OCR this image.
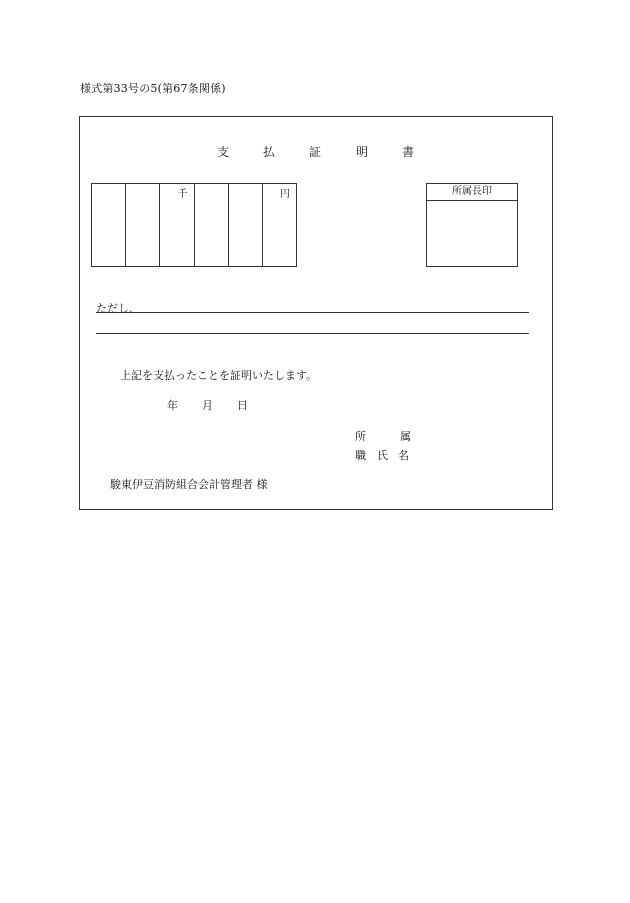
様式第33号の5(第67条関係)
支	払	証	明	書
千	円	所属長印
ただし、
上記を支払ったことを証明いたします。
年 月 日
所	属
職 氏 名
駿東伊豆消防組合会計管理者 様
